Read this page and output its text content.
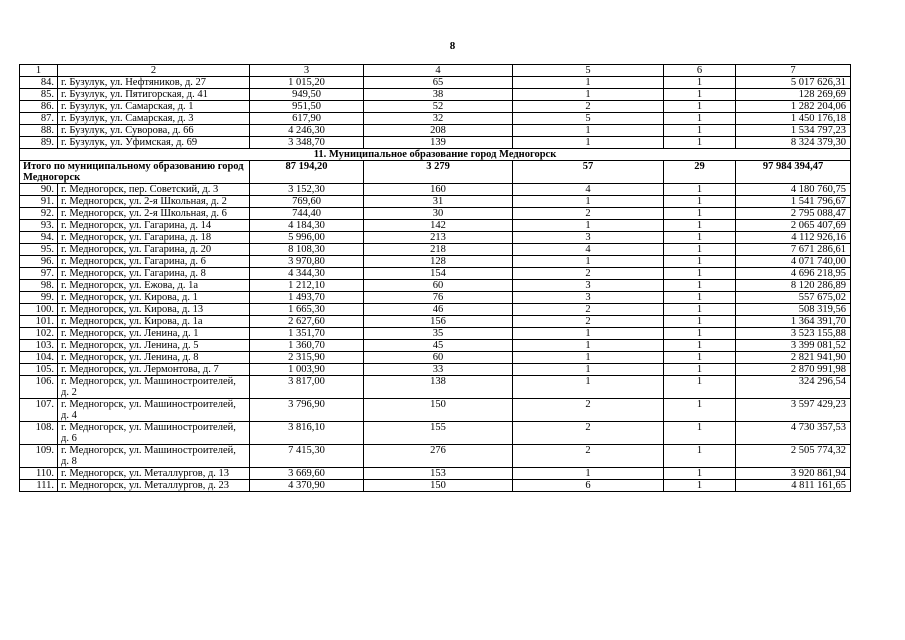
8
1	2	3	4	5	6	7
84.	г. Бузулук, ул. Нефтяников, д. 27	1 015,20	65	1	1	5 017 626,31
85.	г. Бузулук, ул. Пятигорская, д. 41	949,50	38	1	1	128 269,69
86.	г. Бузулук, ул. Самарская, д. 1	951,50	52	2	1	1 282 204,06
87.	г. Бузулук, ул. Самарская, д. 3	617,90	32	5	1	1 450 176,18
88.	г. Бузулук, ул. Суворова, д. 66	4 246,30	208	1	1	1 534 797,23
89.	г. Бузулук, ул. Уфимская, д. 69	3 348,70	139	1	1	8 324 379,30
11. Муниципальное образование город Медногорск						
Итого по муниципальному образованию город Медногорск		87 194,20	3 279	57	29	97 984 394,47
90.	г. Медногорск, пер. Советский, д. 3	3 152,30	160	4	1	4 180 760,75
91.	г. Медногорск, ул. 2-я Школьная, д. 2	769,60	31	1	1	1 541 796,67
92.	г. Медногорск, ул. 2-я Школьная, д. 6	744,40	30	2	1	2 795 088,47
93.	г. Медногорск, ул. Гагарина, д. 14	4 184,30	142	1	1	2 065 407,69
94.	г. Медногорск, ул. Гагарина, д. 18	5 996,00	213	3	1	4 112 926,16
95.	г. Медногорск, ул. Гагарина, д. 20	8 108,30	218	4	1	7 671 286,61
96.	г. Медногорск, ул. Гагарина, д. 6	3 970,80	128	1	1	4 071 740,00
97.	г. Медногорск, ул. Гагарина, д. 8	4 344,30	154	2	1	4 696 218,95
98.	г. Медногорск, ул. Ежова, д. 1а	1 212,10	60	3	1	8 120 286,89
99.	г. Медногорск, ул. Кирова, д. 1	1 493,70	76	3	1	557 675,02
100.	г. Медногорск, ул. Кирова, д. 13	1 665,30	46	2	1	508 319,56
101.	г. Медногорск, ул. Кирова, д. 1а	2 627,60	156	2	1	1 364 391,70
102.	г. Медногорск, ул. Ленина, д. 1	1 351,70	35	1	1	3 523 155,88
103.	г. Медногорск, ул. Ленина, д. 5	1 360,70	45	1	1	3 399 081,52
104.	г. Медногорск, ул. Ленина, д. 8	2 315,90	60	1	1	2 821 941,90
105.	г. Медногорск, ул. Лермонтова, д. 7	1 003,90	33	1	1	2 870 991,98
106.	г. Медногорск, ул. Машиностроителей, д. 2	3 817,00	138	1	1	324 296,54
107.	г. Медногорск, ул. Машиностроителей, д. 4	3 796,90	150	2	1	3 597 429,23
108.	г. Медногорск, ул. Машиностроителей, д. 6	3 816,10	155	2	1	4 730 357,53
109.	г. Медногорск, ул. Машиностроителей, д. 8	7 415,30	276	2	1	2 505 774,32
110.	г. Медногорск, ул. Металлургов, д. 13	3 669,60	153	1	1	3 920 861,94
111.	г. Медногорск, ул. Металлургов, д. 23	4 370,90	150	6	1	4 811 161,65
